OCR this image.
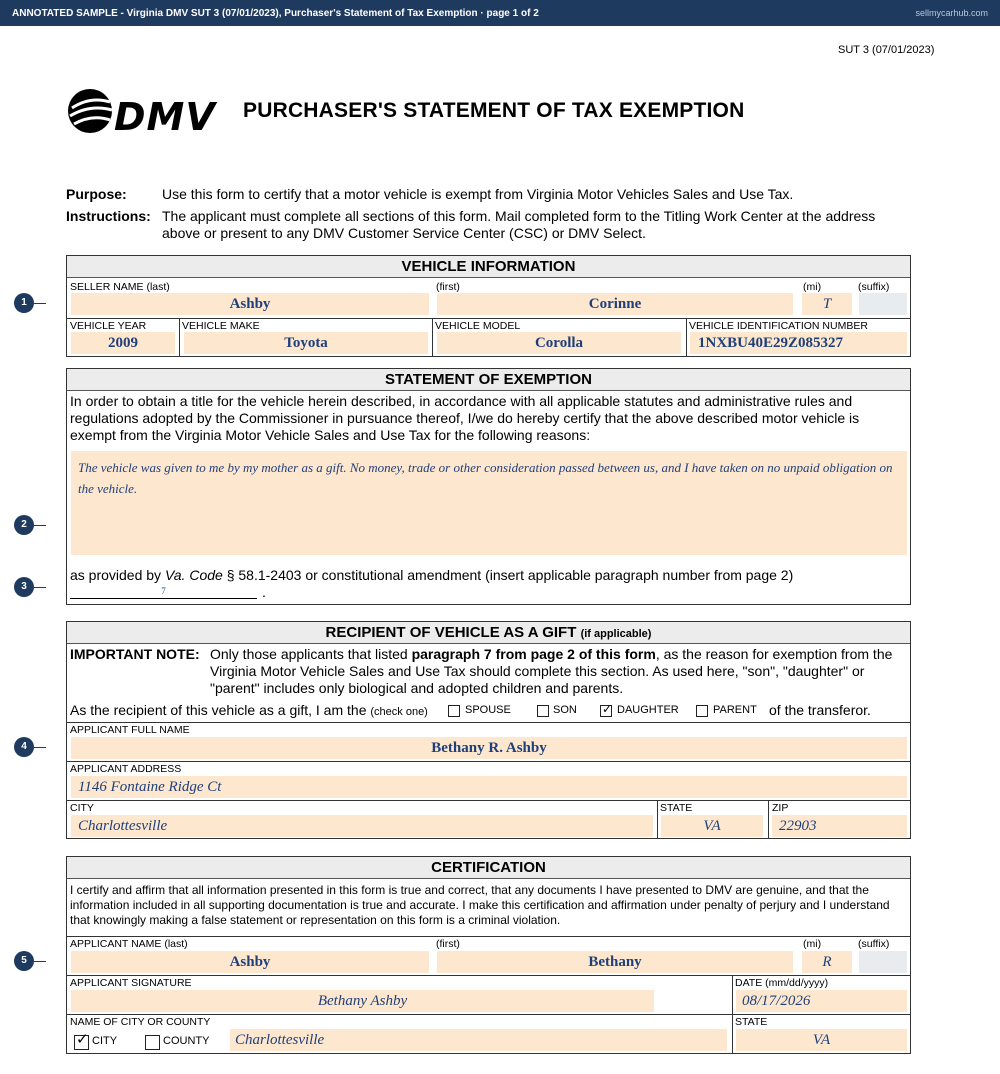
ANNOTATED SAMPLE - Virginia DMV SUT 3 (07/01/2023), Purchaser's Statement of Tax Exemption · page 1 of 2	sellmycarhub.com
SUT 3 (07/01/2023)
DMV PURCHASER'S STATEMENT OF TAX EXEMPTION
Purpose:	Use this form to certify that a motor vehicle is exempt from Virginia Motor Vehicles Sales and Use Tax.
Instructions: The applicant must complete all sections of this form. Mail completed form to the Titling Work Center at the address above or present to any DMV Customer Service Center (CSC) or DMV Select.
VEHICLE INFORMATION
SELLER NAME (last)
Ashby
(first)
Corinne
(mi)
T
(suffix)
VEHICLE YEAR
2009
VEHICLE MAKE
Toyota
VEHICLE MODEL
Corolla
VEHICLE IDENTIFICATION NUMBER
1NXBU40E29Z085327
STATEMENT OF EXEMPTION
In order to obtain a title for the vehicle herein described, in accordance with all applicable statutes and administrative rules and regulations adopted by the Commissioner in pursuance thereof, I/we do hereby certify that the above described motor vehicle is exempt from the Virginia Motor Vehicle Sales and Use Tax for the following reasons:
The vehicle was given to me by my mother as a gift. No money, trade or other consideration passed between us, and I have taken on no unpaid obligation on the vehicle.
as provided by Va. Code § 58.1-2403 or constitutional amendment (insert applicable paragraph number from page 2)
7	.
RECIPIENT OF VEHICLE AS A GIFT (if applicable)
IMPORTANT NOTE: Only those applicants that listed paragraph 7 from page 2 of this form, as the reason for exemption from the Virginia Motor Vehicle Sales and Use Tax should complete this section. As used here, "son", "daughter" or "parent" includes only biological and adopted children and parents.
As the recipient of this vehicle as a gift, I am the (check one)	SPOUSE	SON ✓ DAUGHTER	PARENT of the transferor.
APPLICANT FULL NAME
Bethany R. Ashby
APPLICANT ADDRESS
1146 Fontaine Ridge Ct
CITY
Charlottesville
STATE
VA
ZIP
22903
CERTIFICATION
I certify and affirm that all information presented in this form is true and correct, that any documents I have presented to DMV are genuine, and that the information included in all supporting documentation is true and accurate. I make this certification and affirmation under penalty of perjury and I understand that knowingly making a false statement or representation on this form is a criminal violation.
APPLICANT NAME (last)
Ashby
(first)
Bethany
(mi)
R
(suffix)
APPLICANT SIGNATURE
Bethany Ashby
DATE (mm/dd/yyyy)
08/17/2026
NAME OF CITY OR COUNTY
✓ CITY	COUNTY Charlottesville
STATE
VA
1
2
3
4
5
